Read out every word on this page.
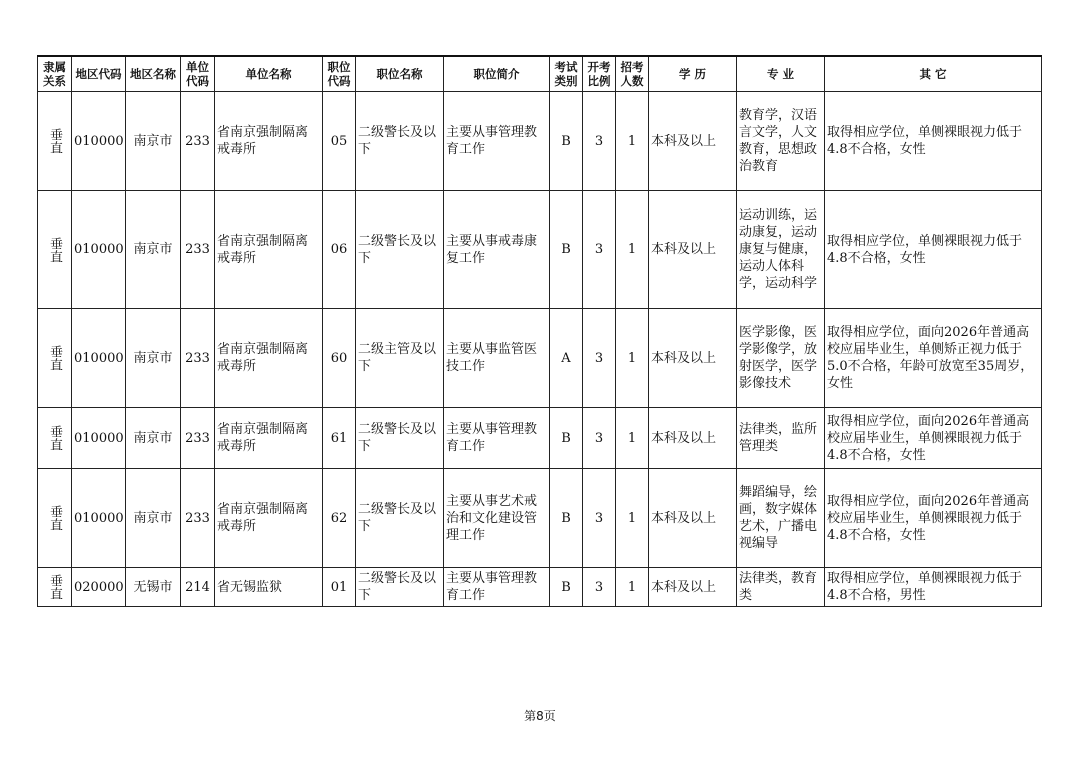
隶属关系	地区代码	地区名称	单位代码	单位名称	职位代码	职位名称	职位简介	考试类别	开考比例	招考人数	学 历	专 业	其 它
垂直	010000	南京市	233	省南京强制隔离戒毒所	05	二级警长及以下	主要从事管理教育工作	B	3	1	本科及以上	教育学，汉语言文学，人文教育，思想政治教育	取得相应学位，单侧裸眼视力低于4.8不合格，女性
垂直	010000	南京市	233	省南京强制隔离戒毒所	06	二级警长及以下	主要从事戒毒康复工作	B	3	1	本科及以上	运动训练，运动康复，运动康复与健康，运动人体科学，运动科学	取得相应学位，单侧裸眼视力低于4.8不合格，女性
垂直	010000	南京市	233	省南京强制隔离戒毒所	60	二级主管及以下	主要从事监管医技工作	A	3	1	本科及以上	医学影像，医学影像学，放射医学，医学影像技术	取得相应学位，面向2026年普通高校应届毕业生，单侧矫正视力低于5.0不合格，年龄可放宽至35周岁，女性
垂直	010000	南京市	233	省南京强制隔离戒毒所	61	二级警长及以下	主要从事管理教育工作	B	3	1	本科及以上	法律类，监所管理类	取得相应学位，面向2026年普通高校应届毕业生，单侧裸眼视力低于4.8不合格，女性
垂直	010000	南京市	233	省南京强制隔离戒毒所	62	二级警长及以下	主要从事艺术戒治和文化建设管理工作	B	3	1	本科及以上	舞蹈编导，绘画，数字媒体艺术，广播电视编导	取得相应学位，面向2026年普通高校应届毕业生，单侧裸眼视力低于4.8不合格，女性
垂直	020000	无锡市	214	省无锡监狱	01	二级警长及以下	主要从事管理教育工作	B	3	1	本科及以上	法律类，教育类	取得相应学位，单侧裸眼视力低于4.8不合格，男性
第8页
